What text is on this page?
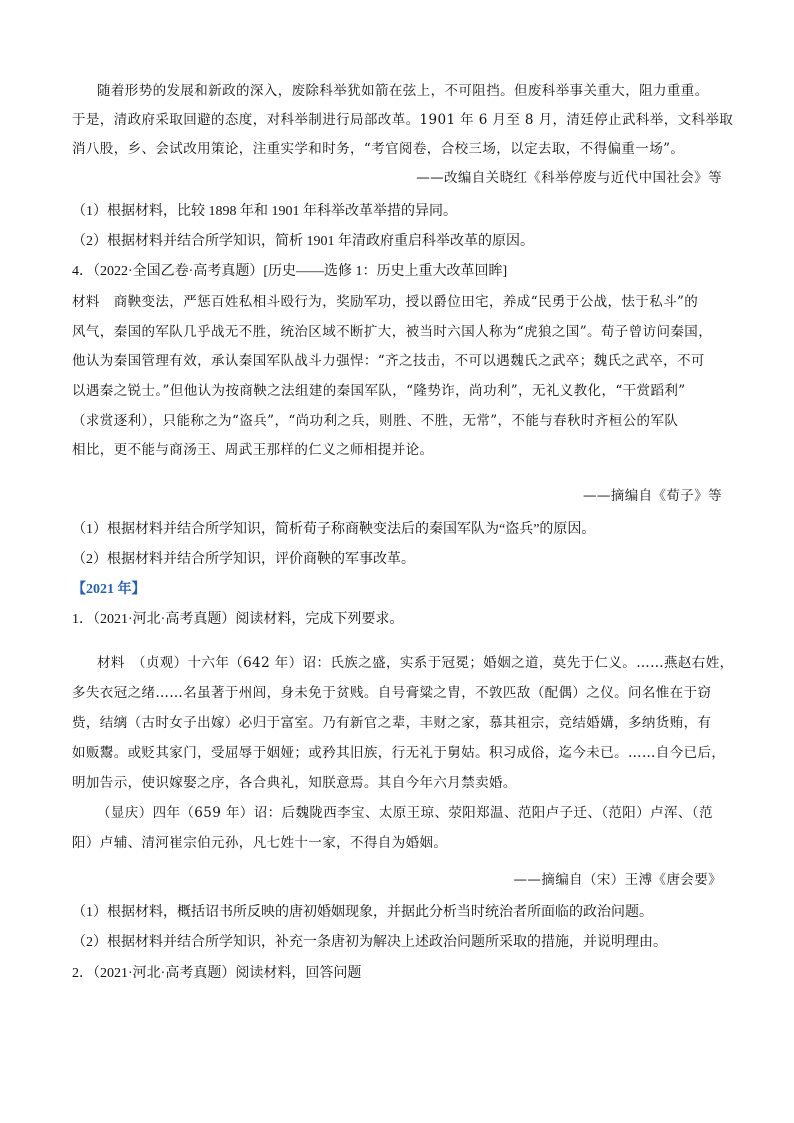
随着形势的发展和新政的深入，废除科举犹如箭在弦上，不可阻挡。但废科举事关重大，阻力重重。
于是，清政府采取回避的态度，对科举制进行局部改革。1901 年 6 月至 8 月，清廷停止武科举，文科举取
消八股，乡、会试改用策论，注重实学和时务，“考官阅卷，合校三场，以定去取，不得偏重一场”。
——改编自关晓红《科举停废与近代中国社会》等
（1）根据材料，比较 1898 年和 1901 年科举改革举措的异同。
（2）根据材料并结合所学知识，简析 1901 年清政府重启科举改革的原因。
4．（2022·全国乙卷·高考真题）[历史——选修 1：历史上重大改革回眸]
材料　商鞅变法，严惩百姓私相斗殴行为，奖励军功，授以爵位田宅，养成“民勇于公战，怯于私斗”的
风气，秦国的军队几乎战无不胜，统治区域不断扩大，被当时六国人称为“虎狼之国”。荀子曾访问秦国，
他认为秦国管理有效，承认秦国军队战斗力强悍：“齐之技击，不可以遇魏氏之武卒；魏氏之武卒，不可
以遇秦之锐士。”但他认为按商鞅之法组建的秦国军队，“隆势诈，尚功利”，无礼义教化，“干赏蹈利”
（求赏逐利），只能称之为“盗兵”，“尚功利之兵，则胜、不胜，无常”，不能与春秋时齐桓公的军队
相比，更不能与商汤王、周武王那样的仁义之师相提并论。
——摘编自《荀子》等
（1）根据材料并结合所学知识，简析荀子称商鞅变法后的秦国军队为“盗兵”的原因。
（2）根据材料并结合所学知识，评价商鞅的军事改革。
【2021 年】
1．（2021·河北·高考真题）阅读材料，完成下列要求。
材料　（贞观）十六年（642 年）诏：氏族之盛，实系于冠冕；婚姻之道，莫先于仁义。……燕赵右姓，
多失衣冠之绪……名虽著于州闾，身未免于贫贱。自号膏粱之胄，不敦匹敌（配偶）之仪。问名惟在于窃
赀，结缡（古时女子出嫁）必归于富室。乃有新官之辈，丰财之家，慕其祖宗，竞结婚媾，多纳货贿，有
如贩鬻。或贬其家门，受屈辱于姻娅；或矜其旧族，行无礼于舅姑。积习成俗，迄今未已。……自今已后，
明加告示，使识嫁娶之序，各合典礼，知朕意焉。其自今年六月禁卖婚。
（显庆）四年（659 年）诏：后魏陇西李宝、太原王琼、荥阳郑温、范阳卢子迁、（范阳）卢浑、（范
阳）卢辅、清河崔宗伯元孙，凡七姓十一家，不得自为婚姻。
——摘编自（宋）王溥《唐会要》
（1）根据材料，概括诏书所反映的唐初婚姻现象，并据此分析当时统治者所面临的政治问题。
（2）根据材料并结合所学知识，补充一条唐初为解决上述政治问题所采取的措施，并说明理由。
2．（2021·河北·高考真题）阅读材料，回答问题
